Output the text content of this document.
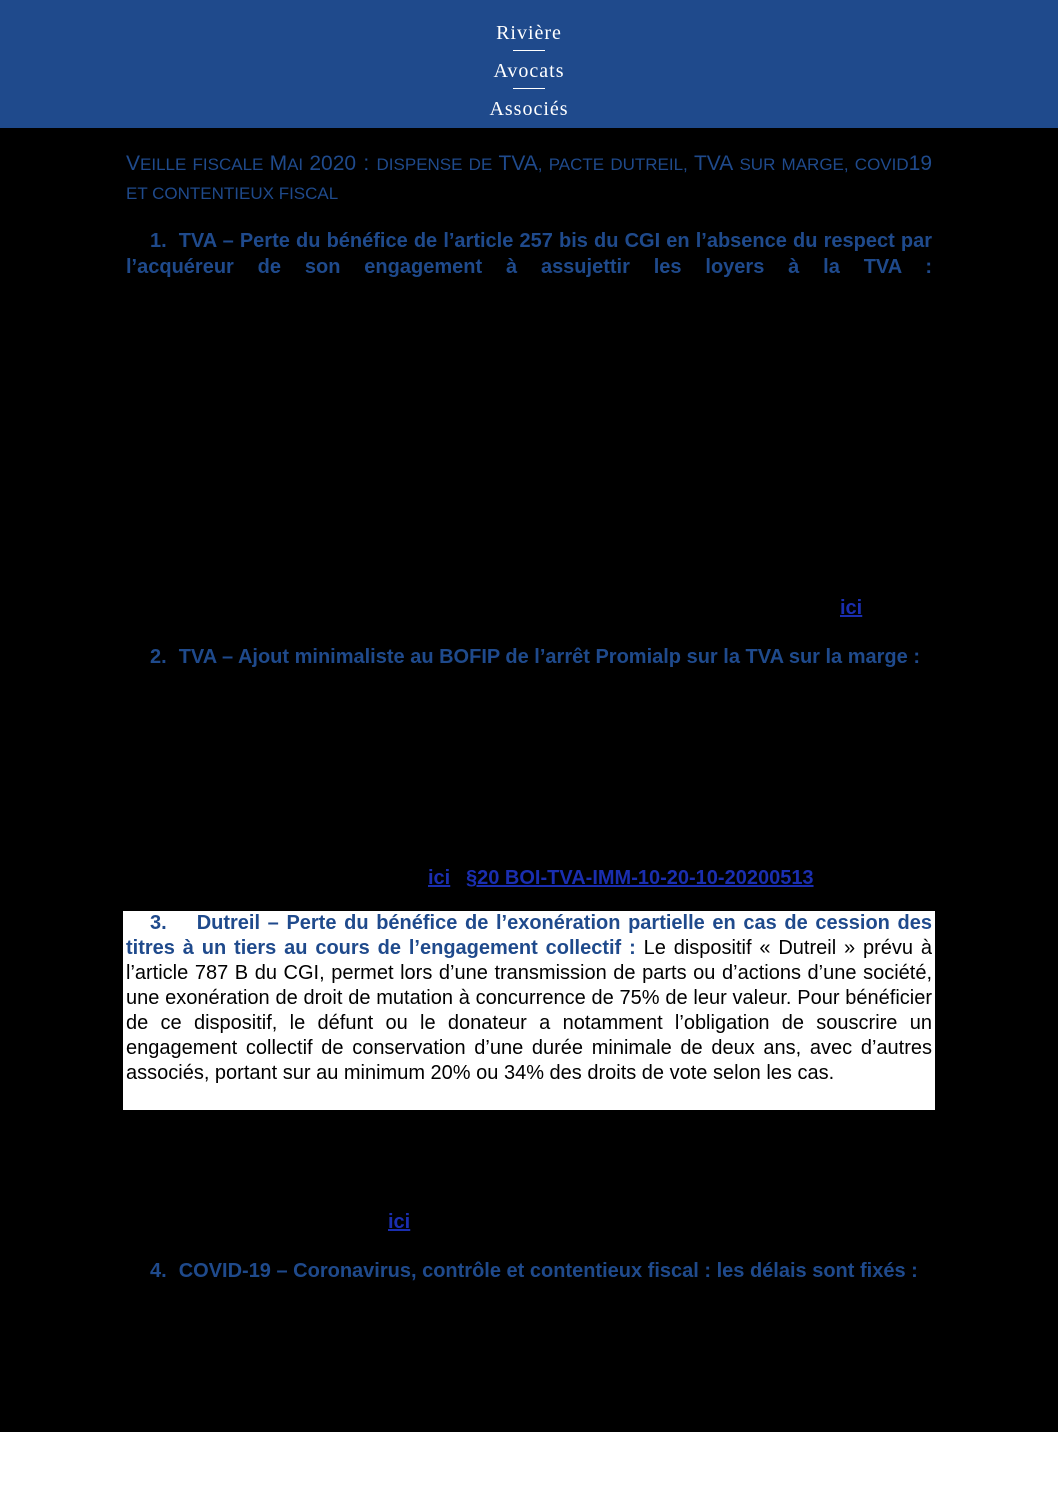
Rivière
Avocats
Associés
VEILLE FISCALE MAI 2020 : DISPENSE DE TVA, PACTE DUTREIL, TVA SUR MARGE, COVID19 ET CONTENTIEUX FISCAL
1. TVA – Perte du bénéfice de l’article 257 bis du CGI en l’absence du respect par l’acquéreur de son engagement à assujettir les loyers à la TVA :
ici
2. TVA – Ajout minimaliste au BOFIP de l’arrêt Promialp sur la TVA sur la marge :
ici §20 BOI-TVA-IMM-10-20-10-20200513
3. Dutreil – Perte du bénéfice de l’exonération partielle en cas de cession des titres à un tiers au cours de l’engagement collectif : Le dispositif « Dutreil » prévu à l’article 787 B du CGI, permet lors d’une transmission de parts ou d’actions d’une société, une exonération de droit de mutation à concurrence de 75% de leur valeur. Pour bénéficier de ce dispositif, le défunt ou le donateur a notamment l’obligation de souscrire un engagement collectif de conservation d’une durée minimale de deux ans, avec d’autres associés, portant sur au minimum 20% ou 34% des droits de vote selon les cas.
ici
4. COVID-19 – Coronavirus, contrôle et contentieux fiscal : les délais sont fixés :
